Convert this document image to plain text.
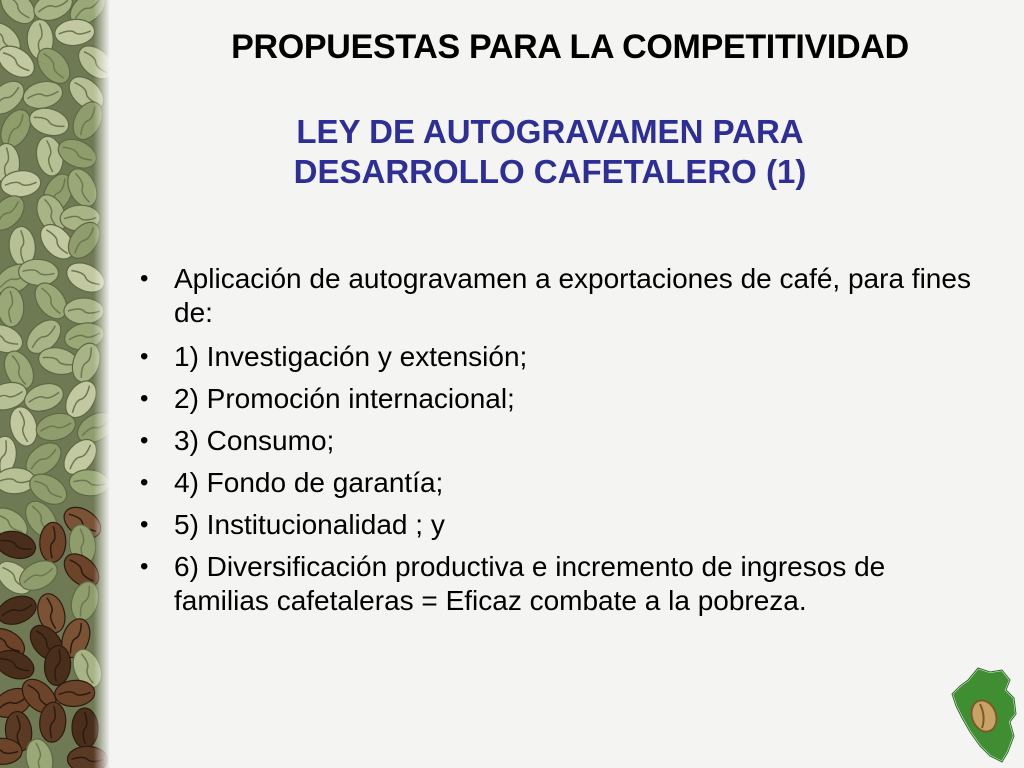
PROPUESTAS PARA LA COMPETITIVIDAD
LEY DE AUTOGRAVAMEN PARA
DESARROLLO CAFETALERO (1)
• Aplicación de autogravamen a exportaciones de café, para fines de:
• 1) Investigación y extensión;
• 2) Promoción internacional;
• 3) Consumo;
• 4) Fondo de garantía;
• 5) Institucionalidad ; y
• 6) Diversificación productiva e incremento de ingresos de familias cafetaleras = Eficaz combate a la pobreza.
